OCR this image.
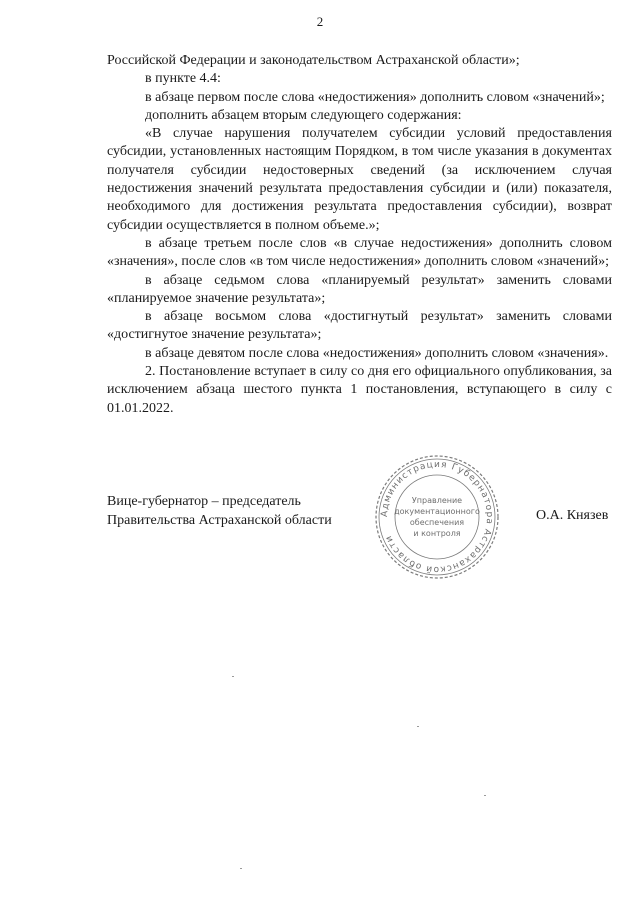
2

Российской Федерации и законодательством Астраханской области»;

в пункте 4.4:

в абзаце первом после слова «недостижения» дополнить словом «значений»;

дополнить абзацем вторым следующего содержания:

«В случае нарушения получателем субсидии условий предоставления субсидии, установленных настоящим Порядком, в том числе указания в документах получателя субсидии недостоверных сведений (за исключением случая недостижения значений результата предоставления субсидии и (или) показателя, необходимого для достижения результата предоставления субсидии), возврат субсидии осуществляется в полном объеме.»;

в абзаце третьем после слов «в случае недостижения» дополнить словом «значения», после слов «в том числе недостижения» дополнить словом «значений»;

в абзаце седьмом слова «планируемый результат» заменить словами «планируемое значение результата»;

в абзаце восьмом слова «достигнутый результат» заменить словами «достигнутое значение результата»;

в абзаце девятом после слова «недостижения» дополнить словом «значения».

2. Постановление вступает в силу со дня его официального опубликования, за исключением абзаца шестого пункта 1 постановления, вступающего в силу с 01.01.2022.

Вице-губернатор – председатель
Правительства Астраханской области	Администрация Губернатора Астраханской области
Управление
документационного
обеспечения
и контроля
О.А. Князев
